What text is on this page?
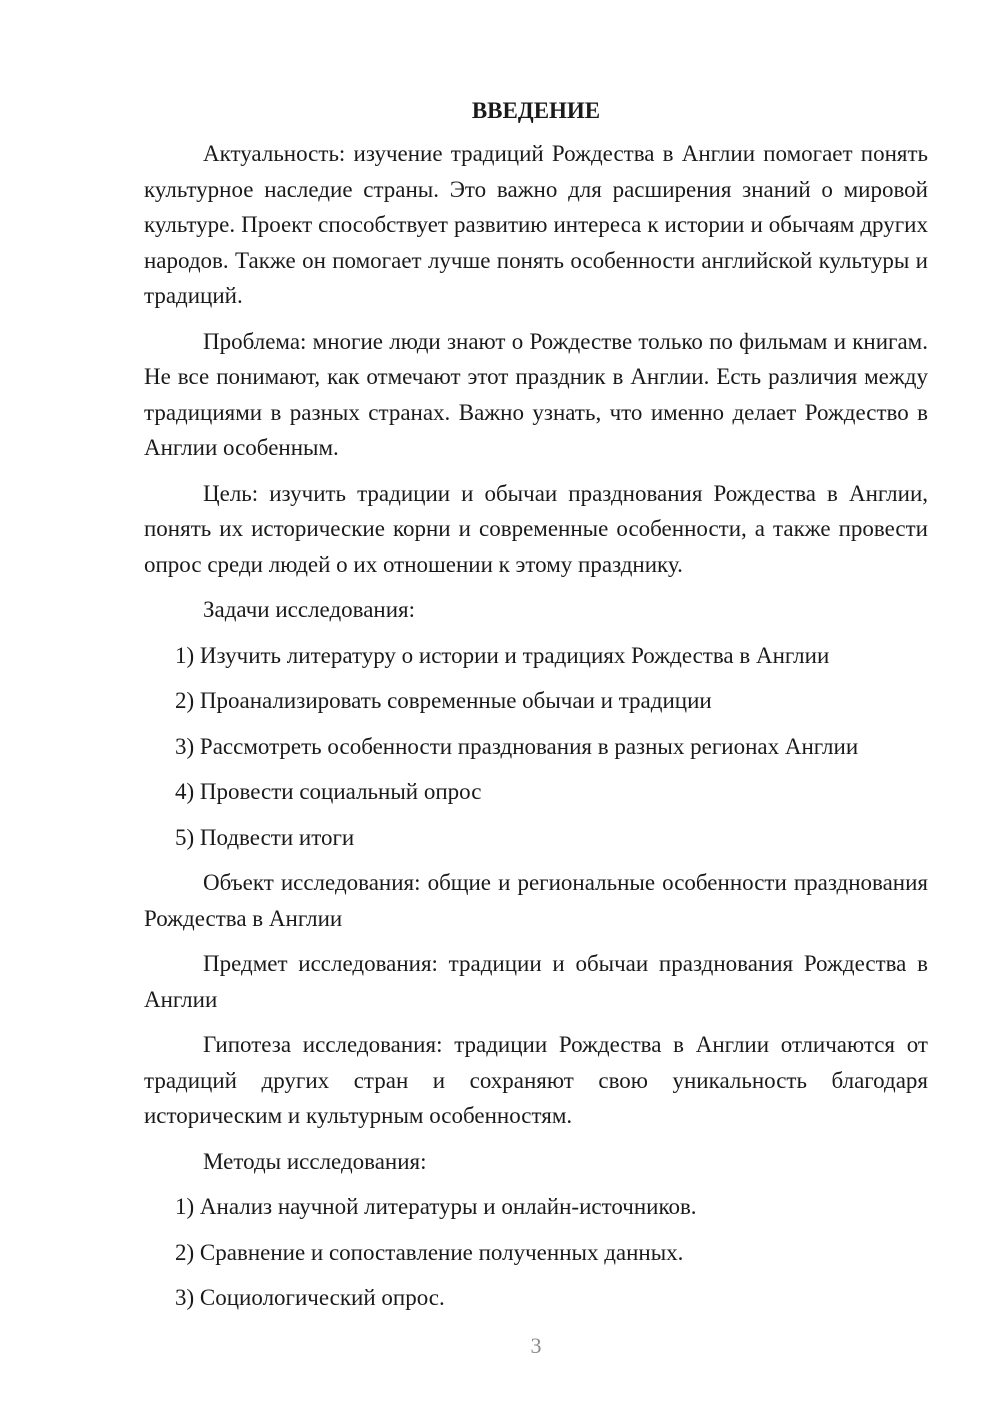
ВВЕДЕНИЕ

Актуальность: изучение традиций Рождества в Англии помогает понять культурное наследие страны. Это важно для расширения знаний о мировой культуре. Проект способствует развитию интереса к истории и обычаям других народов. Также он помогает лучше понять особенности английской культуры и традиций.

Проблема: многие люди знают о Рождестве только по фильмам и книгам. Не все понимают, как отмечают этот праздник в Англии. Есть различия между традициями в разных странах. Важно узнать, что именно делает Рождество в Англии особенным.

Цель: изучить традиции и обычаи празднования Рождества в Англии, понять их исторические корни и современные особенности, а также провести опрос среди людей о их отношении к этому празднику.

Задачи исследования:

1) Изучить литературу о истории и традициях Рождества в Англии

2) Проанализировать современные обычаи и традиции

3) Рассмотреть особенности празднования в разных регионах Англии

4) Провести социальный опрос

5) Подвести итоги

Объект исследования: общие и региональные особенности празднования Рождества в Англии

Предмет исследования: традиции и обычаи празднования Рождества в Англии

Гипотеза исследования: традиции Рождества в Англии отличаются от традиций других стран и сохраняют свою уникальность благодаря историческим и культурным особенностям.

Методы исследования:

1) Анализ научной литературы и онлайн-источников.

2) Сравнение и сопоставление полученных данных.

3) Социологический опрос.

3
